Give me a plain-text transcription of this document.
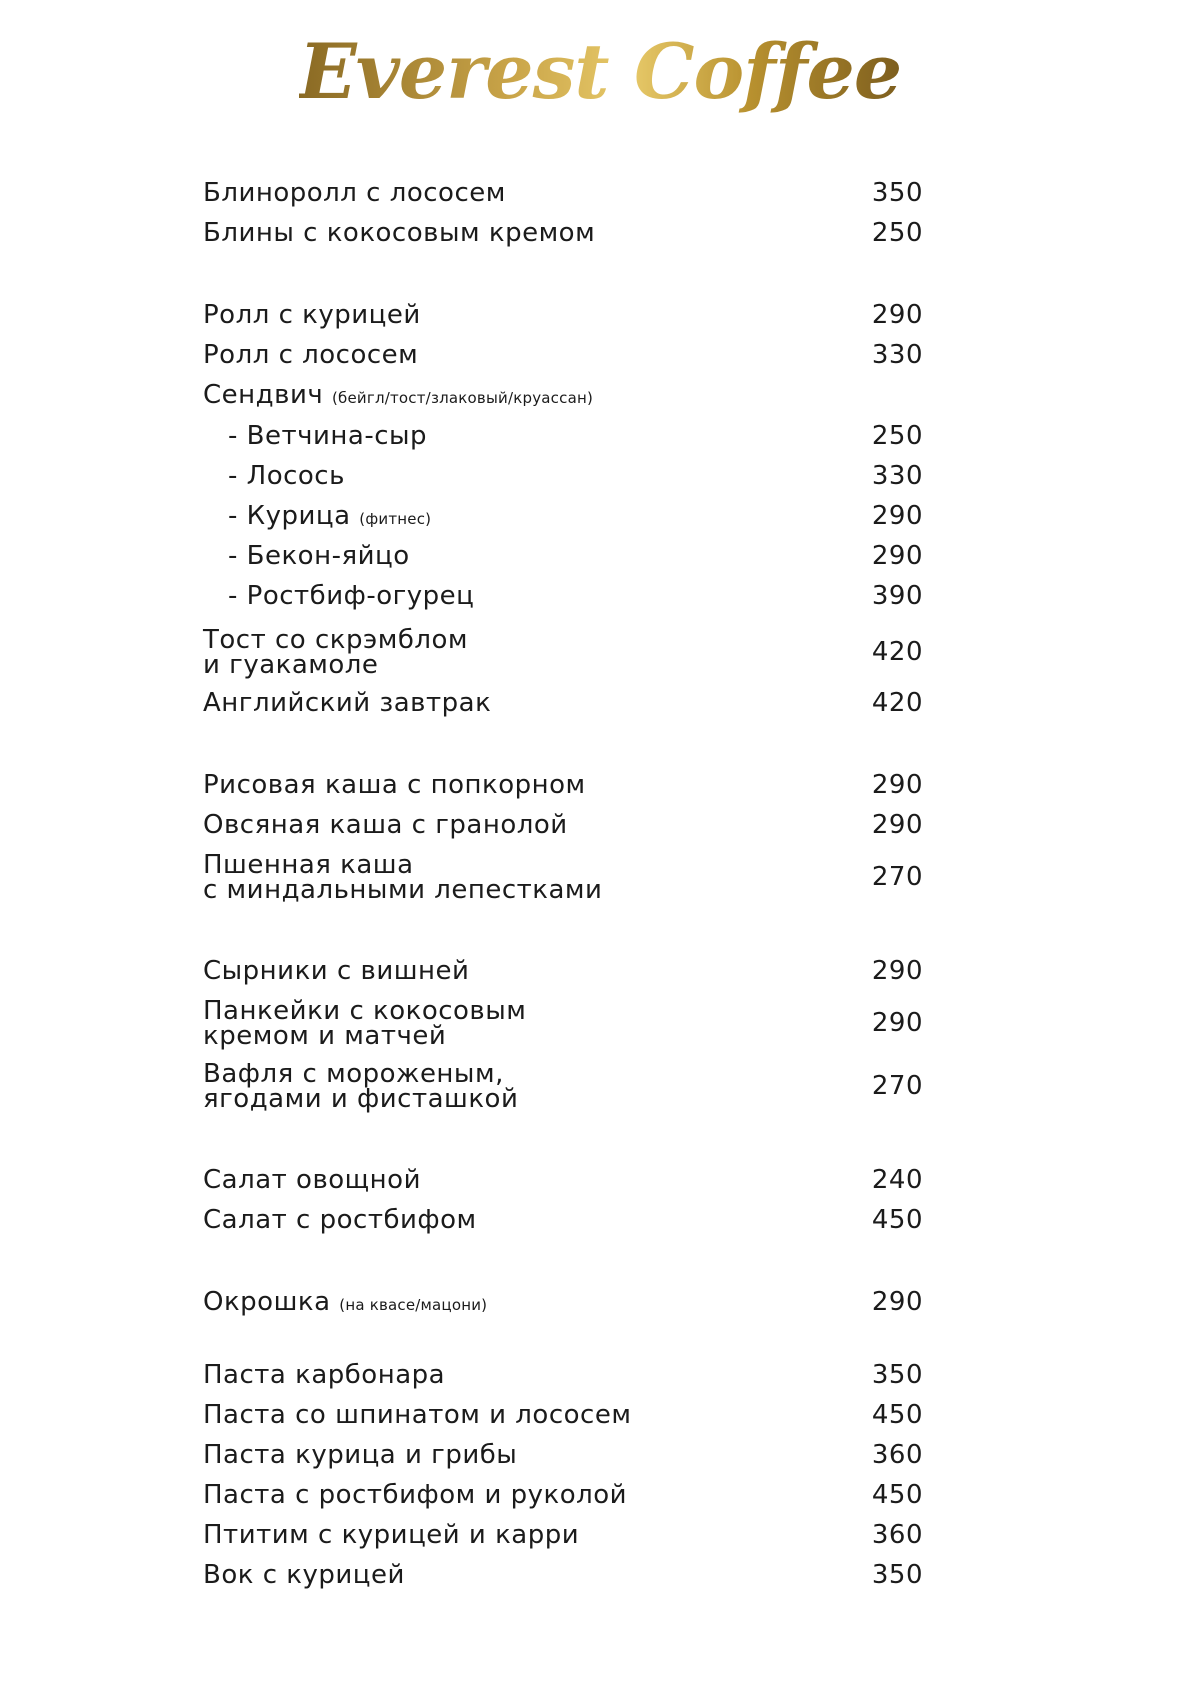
Everest Coffee
Блиноролл с лососем	350
Блины с кокосовым кремом	250
Ролл с курицей	290
Ролл с лососем	330
Сендвич (бейгл/тост/злаковый/круассан)
- Ветчина-сыр	250
- Лосось	330
- Курица (фитнес)	290
- Бекон-яйцо	290
- Ростбиф-огурец	390
Тост со скрэмблом
и гуакамоле	420
Английский завтрак	420
Рисовая каша с попкорном	290
Овсяная каша с гранолой	290
Пшенная каша
с миндальными лепестками	270
Сырники с вишней	290
Панкейки с кокосовым
кремом и матчей	290
Вафля с мороженым,
ягодами и фисташкой	270
Салат овощной	240
Салат с ростбифом	450
Окрошка (на квасе/мацони)	290
Паста карбонара	350
Паста со шпинатом и лососем	450
Паста курица и грибы	360
Паста с ростбифом и руколой	450
Птитим с курицей и карри	360
Вок с курицей	350
